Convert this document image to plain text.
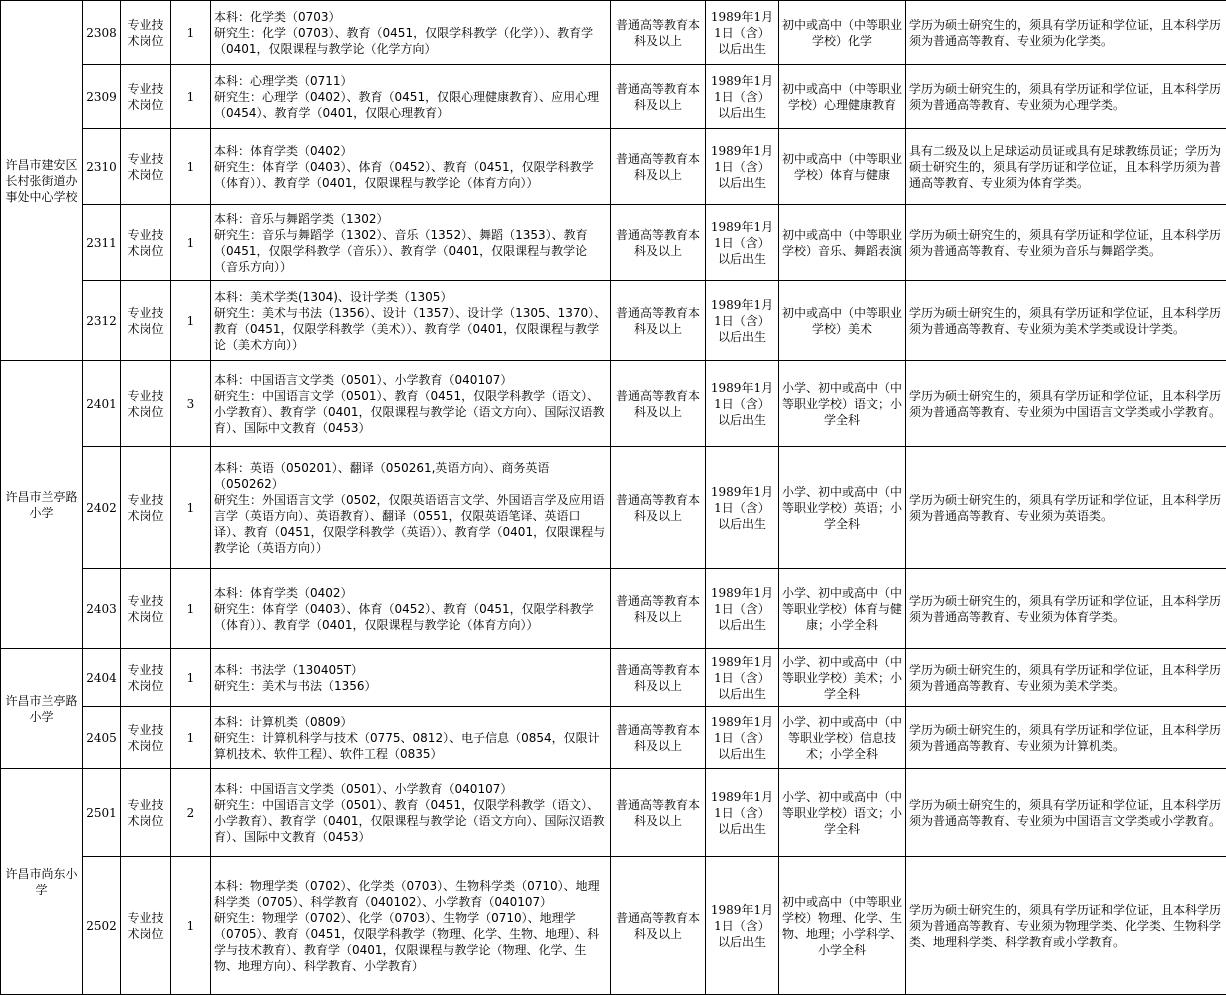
许昌市建安区长村张街道办事处中心学校	2308	专业技术岗位	1	本科：化学类（0703）
研究生：化学（0703）、教育（0451，仅限学科教学（化学））、教育学（0401，仅限课程与教学论（化学方向）	普通高等教育本科及以上	1989年1月1日（含）以后出生	初中或高中（中等职业学校）化学	学历为硕士研究生的，须具有学历证和学位证，且本科学历须为普通高等教育、专业须为化学类。
	2309	专业技术岗位	1	本科：心理学类（0711）
研究生：心理学（0402）、教育（0451，仅限心理健康教育）、应用心理（0454）、教育学（0401，仅限心理教育）	普通高等教育本科及以上	1989年1月1日（含）以后出生	初中或高中（中等职业学校）心理健康教育	学历为硕士研究生的，须具有学历证和学位证，且本科学历须为普通高等教育、专业须为心理学类。
	2310	专业技术岗位	1	本科：体育学类（0402）
研究生：体育学（0403）、体育（0452）、教育（0451，仅限学科教学（体育））、教育学（0401，仅限课程与教学论（体育方向））	普通高等教育本科及以上	1989年1月1日（含）以后出生	初中或高中（中等职业学校）体育与健康	具有二级及以上足球运动员证或具有足球教练员证；学历为硕士研究生的，须具有学历证和学位证，且本科学历须为普通高等教育、专业须为体育学类。
	2311	专业技术岗位	1	本科：音乐与舞蹈学类（1302）
研究生：音乐与舞蹈学（1302）、音乐（1352）、舞蹈（1353）、教育（0451，仅限学科教学（音乐））、教育学（0401，仅限课程与教学论（音乐方向））	普通高等教育本科及以上	1989年1月1日（含）以后出生	初中或高中（中等职业学校）音乐、舞蹈表演	学历为硕士研究生的，须具有学历证和学位证，且本科学历须为普通高等教育、专业须为音乐与舞蹈学类。
	2312	专业技术岗位	1	本科：美术学类(1304)、设计学类（1305）
研究生：美术与书法（1356）、设计（1357）、设计学（1305、1370）、教育（0451，仅限学科教学（美术））、教育学（0401，仅限课程与教学论（美术方向））	普通高等教育本科及以上	1989年1月1日（含）以后出生	初中或高中（中等职业学校）美术	学历为硕士研究生的，须具有学历证和学位证，且本科学历须为普通高等教育、专业须为美术学类或设计学类。
许昌市兰亭路小学	2401	专业技术岗位	3	本科：中国语言文学类（0501）、小学教育（040107）
研究生：中国语言文学（0501）、教育（0451，仅限学科教学（语文）、小学教育）、教育学（0401，仅限课程与教学论（语文方向）、国际汉语教育）、国际中文教育（0453）	普通高等教育本科及以上	1989年1月1日（含）以后出生	小学、初中或高中（中等职业学校）语文；小学全科	学历为硕士研究生的，须具有学历证和学位证，且本科学历须为普通高等教育、专业须为中国语言文学类或小学教育。
	2402	专业技术岗位	1	本科：英语（050201）、翻译（050261,英语方向）、商务英语（050262）
研究生：外国语言文学（0502，仅限英语语言文学、外国语言学及应用语言学（英语方向）、英语教育）、翻译（0551，仅限英语笔译、英语口译）、教育（0451，仅限学科教学（英语））、教育学（0401，仅限课程与教学论（英语方向））	普通高等教育本科及以上	1989年1月1日（含）以后出生	小学、初中或高中（中等职业学校）英语；小学全科	学历为硕士研究生的，须具有学历证和学位证，且本科学历须为普通高等教育、专业须为英语类。
	2403	专业技术岗位	1	本科：体育学类（0402）
研究生：体育学（0403）、体育（0452）、教育（0451，仅限学科教学（体育））、教育学（0401，仅限课程与教学论（体育方向））	普通高等教育本科及以上	1989年1月1日（含）以后出生	小学、初中或高中（中等职业学校）体育与健康；小学全科	学历为硕士研究生的，须具有学历证和学位证，且本科学历须为普通高等教育、专业须为体育学类。
许昌市兰亭路小学	2404	专业技术岗位	1	本科：书法学（130405T）
研究生：美术与书法（1356）	普通高等教育本科及以上	1989年1月1日（含）以后出生	小学、初中或高中（中等职业学校）美术；小学全科	学历为硕士研究生的，须具有学历证和学位证，且本科学历须为普通高等教育、专业须为美术学类。
	2405	专业技术岗位	1	本科：计算机类（0809）
研究生：计算机科学与技术（0775、0812）、电子信息（0854，仅限计算机技术、软件工程）、软件工程（0835）	普通高等教育本科及以上	1989年1月1日（含）以后出生	小学、初中或高中（中等职业学校）信息技术；小学全科	学历为硕士研究生的，须具有学历证和学位证，且本科学历须为普通高等教育、专业须为计算机类。
许昌市尚东小学	2501	专业技术岗位	2	本科：中国语言文学类（0501）、小学教育（040107）
研究生：中国语言文学（0501）、教育（0451，仅限学科教学（语文）、小学教育）、教育学（0401，仅限课程与教学论（语文方向）、国际汉语教育）、国际中文教育（0453）	普通高等教育本科及以上	1989年1月1日（含）以后出生	小学、初中或高中（中等职业学校）语文；小学全科	学历为硕士研究生的，须具有学历证和学位证，且本科学历须为普通高等教育、专业须为中国语言文学类或小学教育。
	2502	专业技术岗位	1	本科：物理学类（0702）、化学类（0703）、生物科学类（0710）、地理科学类（0705）、科学教育（040102）、小学教育（040107）
研究生：物理学（0702）、化学（0703）、生物学（0710）、地理学（0705）、教育（0451，仅限学科教学（物理、化学、生物、地理）、科学与技术教育）、教育学（0401，仅限课程与教学论（物理、化学、生物、地理方向）、科学教育、小学教育）	普通高等教育本科及以上	1989年1月1日（含）以后出生	初中或高中（中等职业学校）物理、化学、生物、地理；小学科学、小学全科	学历为硕士研究生的，须具有学历证和学位证，且本科学历须为普通高等教育、专业须为物理学类、化学类、生物科学类、地理科学类、科学教育或小学教育。
